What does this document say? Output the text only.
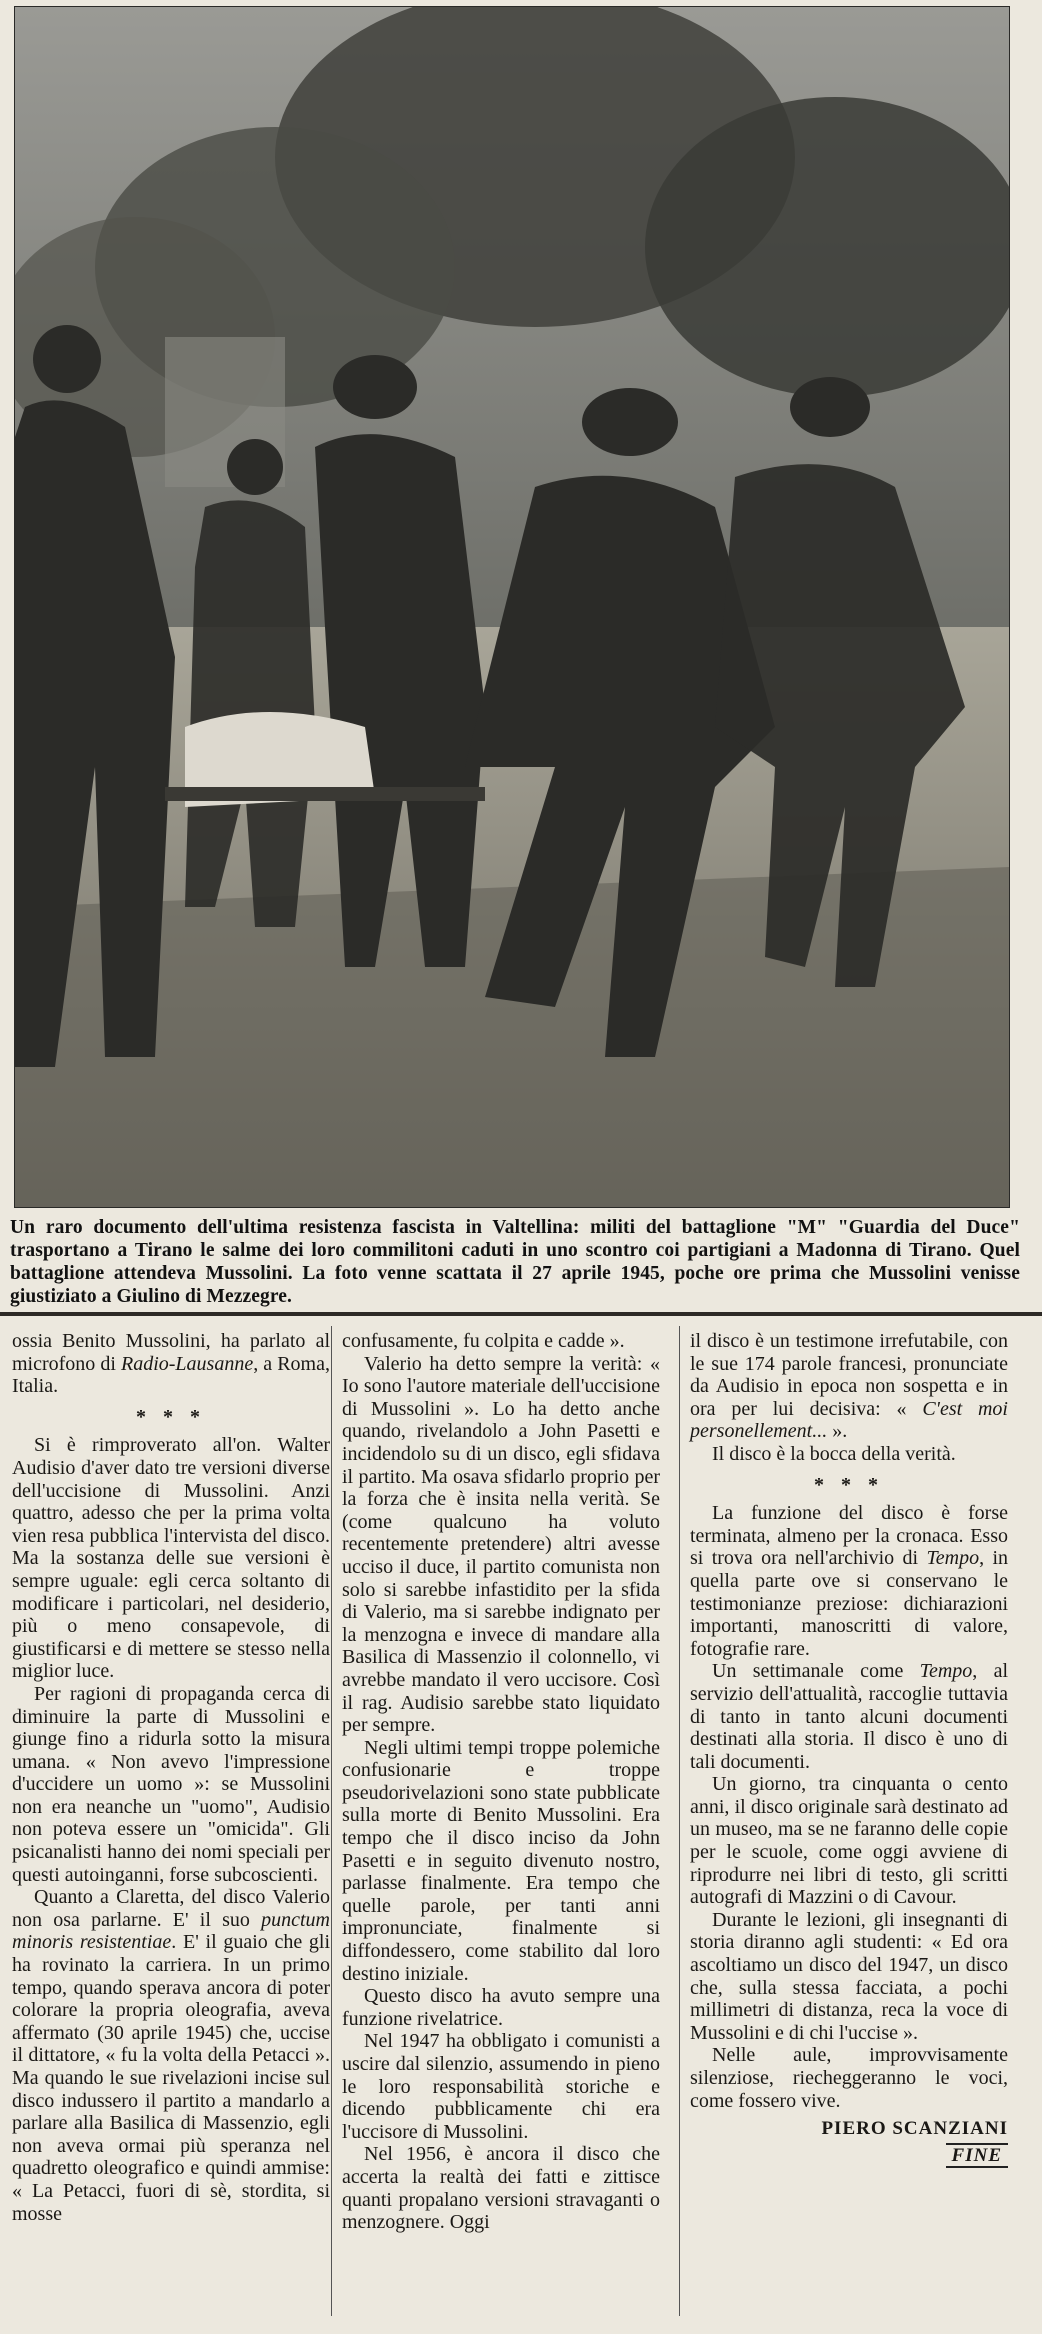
Un raro documento dell'ultima resistenza fascista in Valtellina: militi del battaglione "M" "Guardia del Duce" trasportano a Tirano le salme dei loro commilitoni caduti in uno scontro coi partigiani a Madonna di Tirano. Quel battaglione attendeva Mussolini. La foto venne scattata il 27 aprile 1945, poche ore prima che Mussolini venisse giustiziato a Giulino di Mezzegre.

ossia Benito Mussolini, ha parlato al microfono di Radio-Lausanne, a Roma, Italia.

* * *

Si è rimproverato all'on. Walter Audisio d'aver dato tre versioni diverse dell'uccisione di Mussolini. Anzi quattro, adesso che per la prima volta vien resa pubblica l'intervista del disco. Ma la sostanza delle sue versioni è sempre uguale: egli cerca soltanto di modificare i particolari, nel desiderio, più o meno consapevole, di giustificarsi e di mettere se stesso nella miglior luce.

Per ragioni di propaganda cerca di diminuire la parte di Mussolini e giunge fino a ridurla sotto la misura umana. « Non avevo l'impressione d'uccidere un uomo »: se Mussolini non era neanche un "uomo", Audisio non poteva essere un "omicida". Gli psicanalisti hanno dei nomi speciali per questi autoinganni, forse subcoscienti.

Quanto a Claretta, del disco Valerio non osa parlarne. E' il suo punctum minoris resistentiae. E' il guaio che gli ha rovinato la carriera. In un primo tempo, quando sperava ancora di poter colorare la propria oleografia, aveva affermato (30 aprile 1945) che, uccise il dittatore, « fu la volta della Petacci ». Ma quando le sue rivelazioni incise sul disco indussero il partito a mandarlo a parlare alla Basilica di Massenzio, egli non aveva ormai più speranza nel quadretto oleografico e quindi ammise: « La Petacci, fuori di sè, stordita, si mosse

confusamente, fu colpita e cadde ».

Valerio ha detto sempre la verità: « Io sono l'autore materiale dell'uccisione di Mussolini ». Lo ha detto anche quando, rivelandolo a John Pasetti e incidendolo su di un disco, egli sfidava il partito. Ma osava sfidarlo proprio per la forza che è insita nella verità. Se (come qualcuno ha voluto recentemente pretendere) altri avesse ucciso il duce, il partito comunista non solo si sarebbe infastidito per la sfida di Valerio, ma si sarebbe indignato per la menzogna e invece di mandare alla Basilica di Massenzio il colonnello, vi avrebbe mandato il vero uccisore. Così il rag. Audisio sarebbe stato liquidato per sempre.

Negli ultimi tempi troppe polemiche confusionarie e troppe pseudorivelazioni sono state pubblicate sulla morte di Benito Mussolini. Era tempo che il disco inciso da John Pasetti e in seguito divenuto nostro, parlasse finalmente. Era tempo che quelle parole, per tanti anni impronunciate, finalmente si diffondessero, come stabilito dal loro destino iniziale.

Questo disco ha avuto sempre una funzione rivelatrice.

Nel 1947 ha obbligato i comunisti a uscire dal silenzio, assumendo in pieno le loro responsabilità storiche e dicendo pubblicamente chi era l'uccisore di Mussolini.

Nel 1956, è ancora il disco che accerta la realtà dei fatti e zittisce quanti propalano versioni stravaganti o menzognere. Oggi

il disco è un testimone irrefutabile, con le sue 174 parole francesi, pronunciate da Audisio in epoca non sospetta e in ora per lui decisiva: « C'est moi personellement... ».

Il disco è la bocca della verità.

* * *

La funzione del disco è forse terminata, almeno per la cronaca. Esso si trova ora nell'archivio di Tempo, in quella parte ove si conservano le testimonianze preziose: dichiarazioni importanti, manoscritti di valore, fotografie rare.

Un settimanale come Tempo, al servizio dell'attualità, raccoglie tuttavia di tanto in tanto alcuni documenti destinati alla storia. Il disco è uno di tali documenti.

Un giorno, tra cinquanta o cento anni, il disco originale sarà destinato ad un museo, ma se ne faranno delle copie per le scuole, come oggi avviene di riprodurre nei libri di testo, gli scritti autografi di Mazzini o di Cavour.

Durante le lezioni, gli insegnanti di storia diranno agli studenti: « Ed ora ascoltiamo un disco del 1947, un disco che, sulla stessa facciata, a pochi millimetri di distanza, reca la voce di Mussolini e di chi l'uccise ».

Nelle aule, improvvisamente silenziose, riecheggeranno le voci, come fossero vive.

PIERO SCANZIANI
FINE
